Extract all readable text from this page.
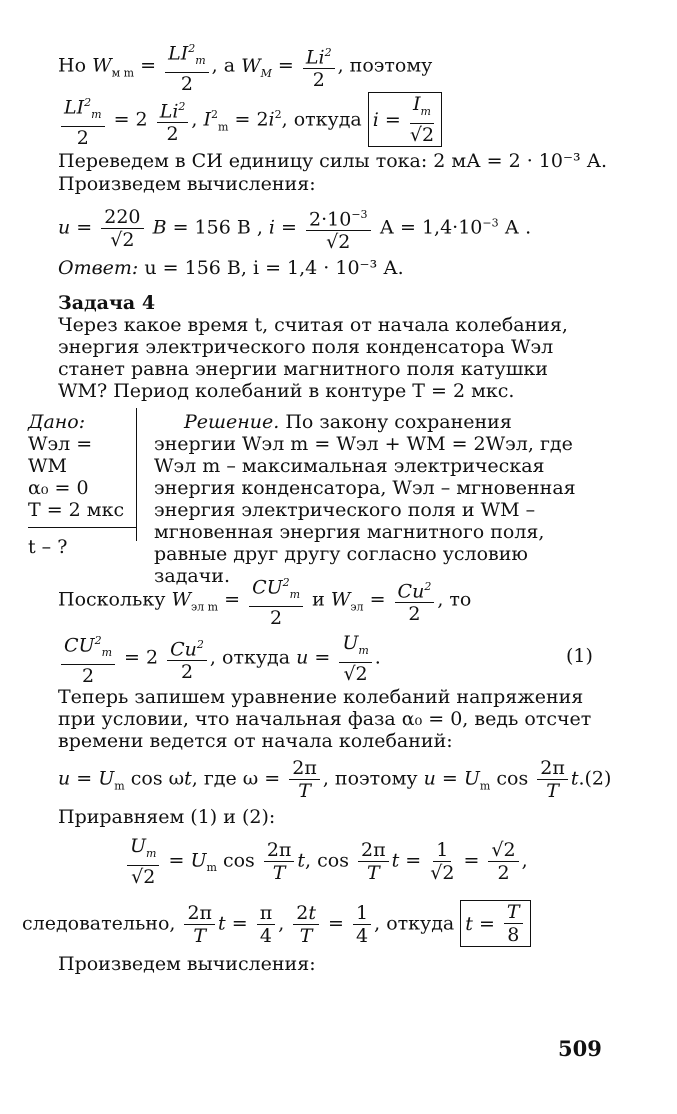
Но $W_{м m} = \frac{LI^2_m}{2}$ , а $W_M = \frac{Li^2}{2}$ , поэтому
$\frac{LI^2_m}{2} = 2 \frac{Li^2}{2}$ , $I^2_m = 2i^2$, откуда i =
$I_m$
√2
Переведем в СИ единицу силы тока: 2 мА = 2 · 10⁻³ А.
Произведем вычисления:
$u = \frac{220}{√2}$ В = 156 В , $i = \frac{2\cdot 10^{-3}}{√2}$ $А = 1,4\cdot 10^{-3}$ А .
Ответ: u = 156 В, i = 1,4 · 10⁻³ А.
Задача 4
Через какое время t, считая от начала колебания, энергия электрического поля конденсатора Wэл станет равна энергии магнитного поля катушки WM? Период колебаний в контуре T = 2 мкс.
Дано:
Wэл = WМ
α₀ = 0
T = 2 мкс
t – ?
Решение. По закону сохранения энергии Wэл m = Wэл + WM = 2Wэл, где Wэл m – максимальная электрическая энергия конденсатора, Wэл – мгновенная энергия электрического поля и WM – мгновенная энергия магнитного поля, равные друг другу согласно условию задачи.
Поскольку $W_{эл m} = \frac{CU^2_m}{2}$ и $W_{эл} = \frac{Cu^2}{2}$ , то
$\frac{CU^2_m}{2} = 2 \frac{Cu^2}{2}$ , откуда $u = \frac{U_m}{√2}$ .	(1)
Теперь запишем уравнение колебаний напряжения при условии, что начальная фаза α₀ = 0, ведь отсчет времени ведется от начала колебаний:
$u = U_m$ cos ωt, где $\omega = \frac{2\pi}{T}$ , поэтому $u = U_m$ $\cos \frac{2\pi}{T} t.(2)$
Приравняем (1) и (2):
$\frac{U_m}{√2} = U_m$ $\cos \frac{2\pi}{T} t$, $\cos \frac{2\pi}{T}$ $t = \frac{1}{√2} = \frac{√2}{2}$ ,
следовательно, $\frac{2\pi}{T}$ $t = \frac{\pi}{4}$ , $\frac{2t}{T} = \frac{1}{4}$ , откуда t =
T
8
Произведем вычисления:
509
